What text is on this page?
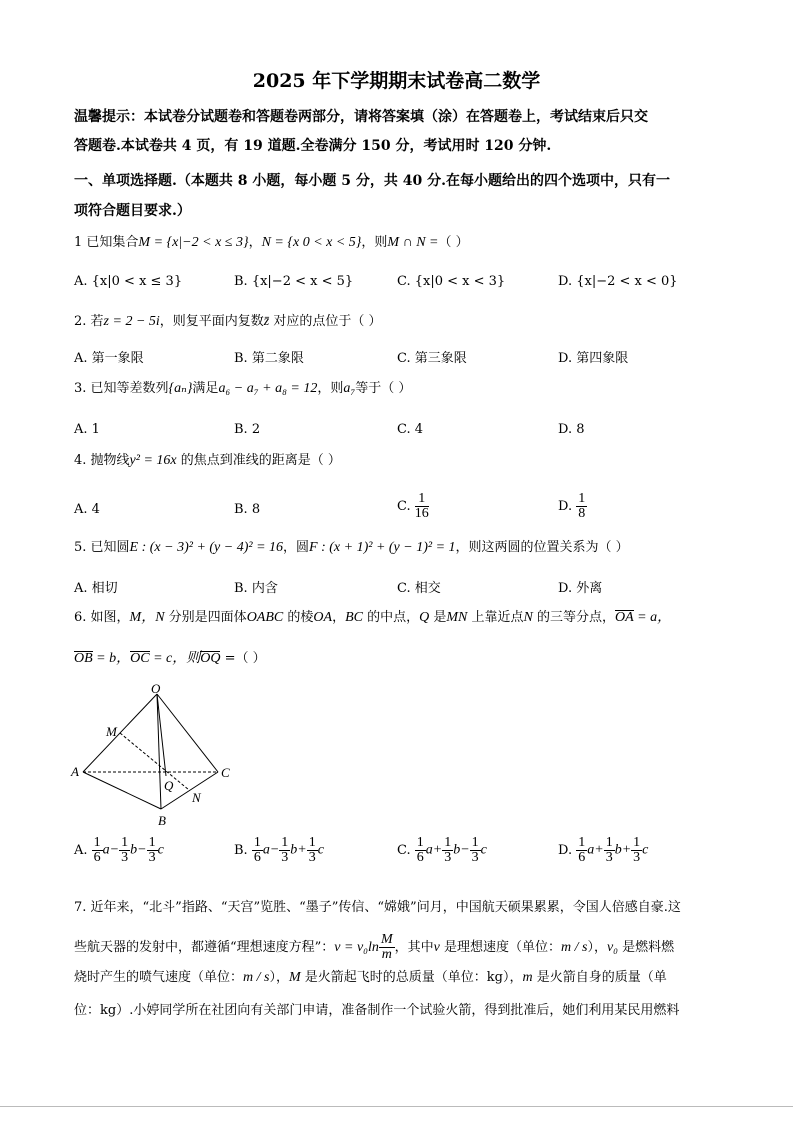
2025 年下学期期末试卷高二数学
温馨提示：本试卷分试题卷和答题卷两部分，请将答案填（涂）在答题卷上，考试结束后只交
答题卷.本试卷共 4 页，有 19 道题.全卷满分 150 分，考试用时 120 分钟.
一、单项选择题.（本题共 8 小题，每小题 5 分，共 40 分.在每小题给出的四个选项中，只有一
项符合题目要求.）
1 已知集合M = {x|−2 < x ≤ 3}，N = {x 0 < x < 5}，则M ∩ N =（ ）
A. {x|0 < x ≤ 3}	B. {x|−2 < x < 5}	C. {x|0 < x < 3}	D. {x|−2 < x < 0}
2. 若z = 2 − 5i，则复平面内复数z̄ 对应的点位于（ ）
A. 第一象限	B. 第二象限	C. 第三象限	D. 第四象限
3. 已知等差数列{aₙ}满足a₆ − a₇ + a₈ = 12，则a₇等于（ ）
A. 1	B. 2	C. 4	D. 8
4. 抛物线y² = 16x 的焦点到准线的距离是（ ）
A. 4	B. 8	C. $\frac{1}{16}$	D. $\frac{1}{8}$
5. 已知圆E : (x − 3)² + (y − 4)² = 16，圆F : (x + 1)² + (y − 1)² = 1，则这两圆的位置关系为（ ）
A. 相切	B. 内含	C. 相交	D. 外离
6. 如图，M，N 分别是四面体OABC 的棱OA，BC 的中点，Q 是MN 上靠近点N 的三等分点，OA = a，
OB = b，OC = c，则OQ =（ ）
O
M
A	C
Q
N
B
A. $\frac{1}{6} a- \frac{1}{3} b- \frac{1}{3}$ c	B. $\frac{1}{6} a- \frac{1}{3} b+ \frac{1}{3}$ c	C. $\frac{1}{6} a+ \frac{1}{3} b- \frac{1}{3}$ c	D. $\frac{1}{6} a+ \frac{1}{3} b+ \frac{1}{3}$ c
7. 近年来，“北斗”指路、“天宫”览胜、“墨子”传信、“嫦娥”问月，中国航天硕果累累，令国人倍感自豪.这
些航天器的发射中，都遵循“理想速度方程”：$v = v_0\ln \frac{M}{m}$ ，其中v 是理想速度（单位：m / s），v₀ 是燃料燃
烧时产生的喷气速度（单位：m / s），M 是火箭起飞时的总质量（单位：kg），m 是火箭自身的质量（单
位：kg）.小婷同学所在社团向有关部门申请，准备制作一个试验火箭，得到批准后，她们利用某民用燃料
